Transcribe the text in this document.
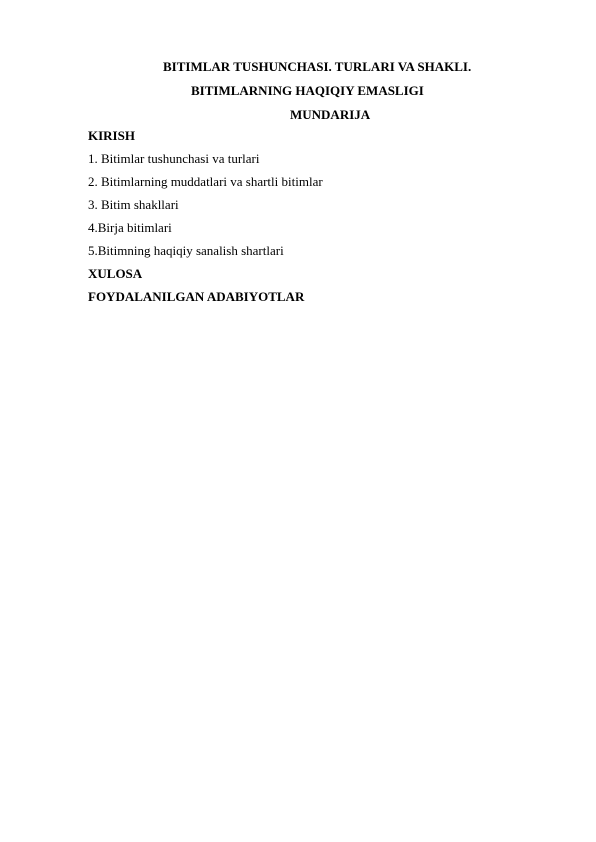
BITIMLAR TUSHUNCHASI. TURLARI VA SHAKLI.
BITIMLARNING HAQIQIY EMASLIGI
MUNDARIJA
KIRISH
1. Bitimlar tushunchasi va turlari
2. Bitimlarning muddatlari va shartli bitimlar
3. Bitim shakllari
4.Birja bitimlari
5.Bitimning haqiqiy sanalish shartlari
XULOSA
FOYDALANILGAN ADABIYOTLAR
